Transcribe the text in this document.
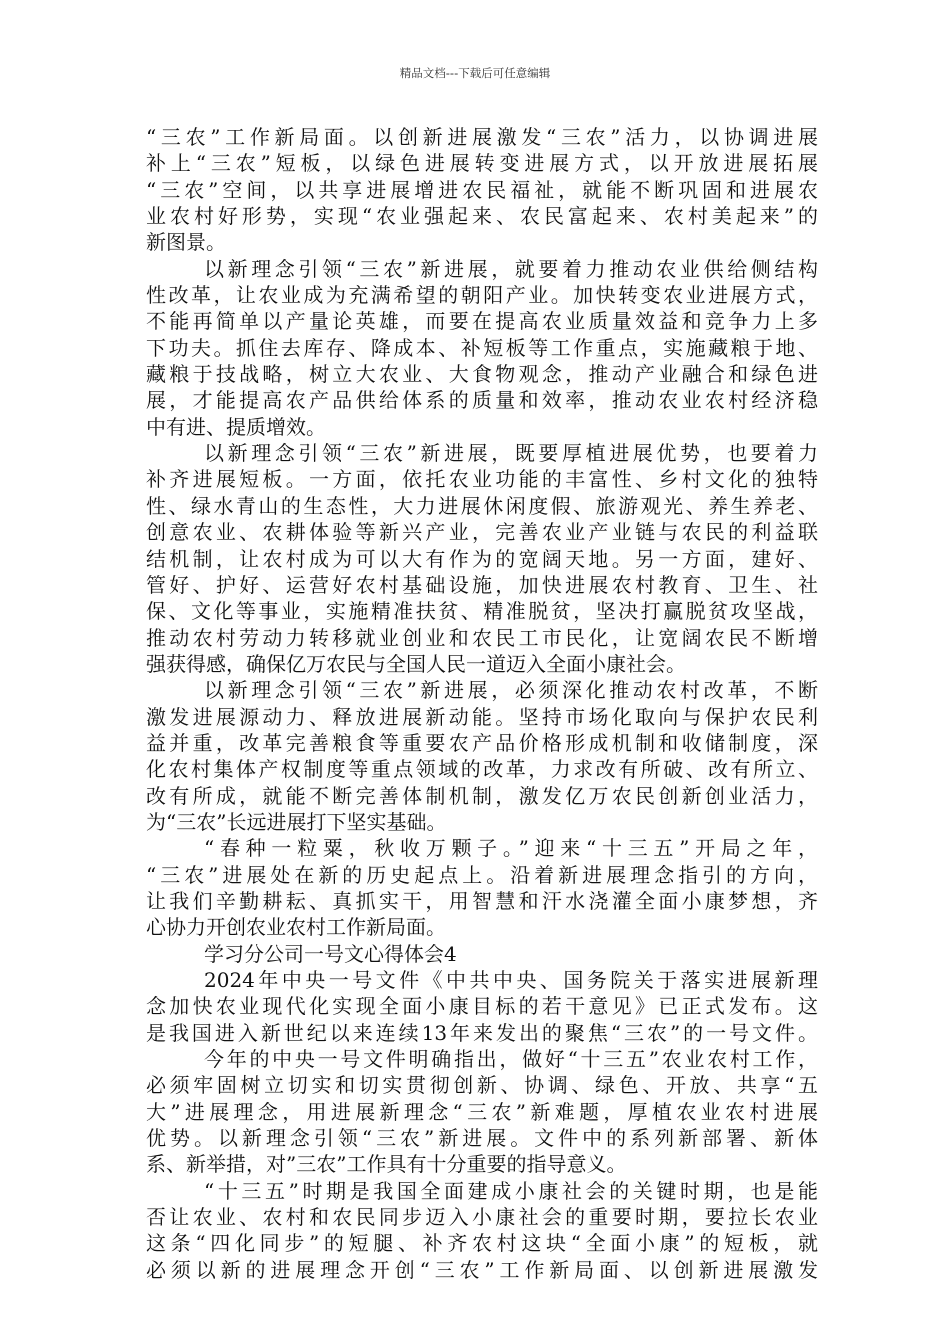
精品文档---下载后可任意编辑
“三农”工作新局面。以创新进展激发“三农”活力，以协调进展
补上“三农”短板，以绿色进展转变进展方式，以开放进展拓展
“三农”空间，以共享进展增进农民福祉，就能不断巩固和进展农
业农村好形势，实现“农业强起来、农民富起来、农村美起来”的
新图景。
以新理念引领“三农”新进展，就要着力推动农业供给侧结构
性改革，让农业成为充满希望的朝阳产业。加快转变农业进展方式，
不能再简单以产量论英雄，而要在提高农业质量效益和竞争力上多
下功夫。抓住去库存、降成本、补短板等工作重点，实施藏粮于地、
藏粮于技战略，树立大农业、大食物观念，推动产业融合和绿色进
展，才能提高农产品供给体系的质量和效率，推动农业农村经济稳
中有进、提质增效。
以新理念引领“三农”新进展，既要厚植进展优势，也要着力
补齐进展短板。一方面，依托农业功能的丰富性、乡村文化的独特
性、绿水青山的生态性，大力进展休闲度假、旅游观光、养生养老、
创意农业、农耕体验等新兴产业，完善农业产业链与农民的利益联
结机制，让农村成为可以大有作为的宽阔天地。另一方面，建好、
管好、护好、运营好农村基础设施，加快进展农村教育、卫生、社
保、文化等事业，实施精准扶贫、精准脱贫，坚决打赢脱贫攻坚战，
推动农村劳动力转移就业创业和农民工市民化，让宽阔农民不断增
强获得感，确保亿万农民与全国人民一道迈入全面小康社会。
以新理念引领“三农”新进展，必须深化推动农村改革，不断
激发进展源动力、释放进展新动能。坚持市场化取向与保护农民利
益并重，改革完善粮食等重要农产品价格形成机制和收储制度，深
化农村集体产权制度等重点领域的改革，力求改有所破、改有所立、
改有所成，就能不断完善体制机制，激发亿万农民创新创业活力，
为“三农”长远进展打下坚实基础。
“春种一粒粟，秋收万颗子。”迎来“十三五”开局之年，
“三农”进展处在新的历史起点上。沿着新进展理念指引的方向，
让我们辛勤耕耘、真抓实干，用智慧和汗水浇灌全面小康梦想，齐
心协力开创农业农村工作新局面。
学习分公司一号文心得体会4
2024年中央一号文件《中共中央、国务院关于落实进展新理
念加快农业现代化实现全面小康目标的若干意见》已正式发布。这
是我国进入新世纪以来连续13年来发出的聚焦“三农”的一号文件。
今年的中央一号文件明确指出，做好“十三五”农业农村工作，
必须牢固树立切实和切实贯彻创新、协调、绿色、开放、共享“五
大”进展理念，用进展新理念“三农”新难题，厚植农业农村进展
优势。以新理念引领“三农”新进展。文件中的系列新部署、新体
系、新举措，对”三农”工作具有十分重要的指导意义。
“十三五”时期是我国全面建成小康社会的关键时期，也是能
否让农业、农村和农民同步迈入小康社会的重要时期，要拉长农业
这条“四化同步”的短腿、补齐农村这块“全面小康”的短板，就
必须以新的进展理念开创“三农”工作新局面、以创新进展激发
